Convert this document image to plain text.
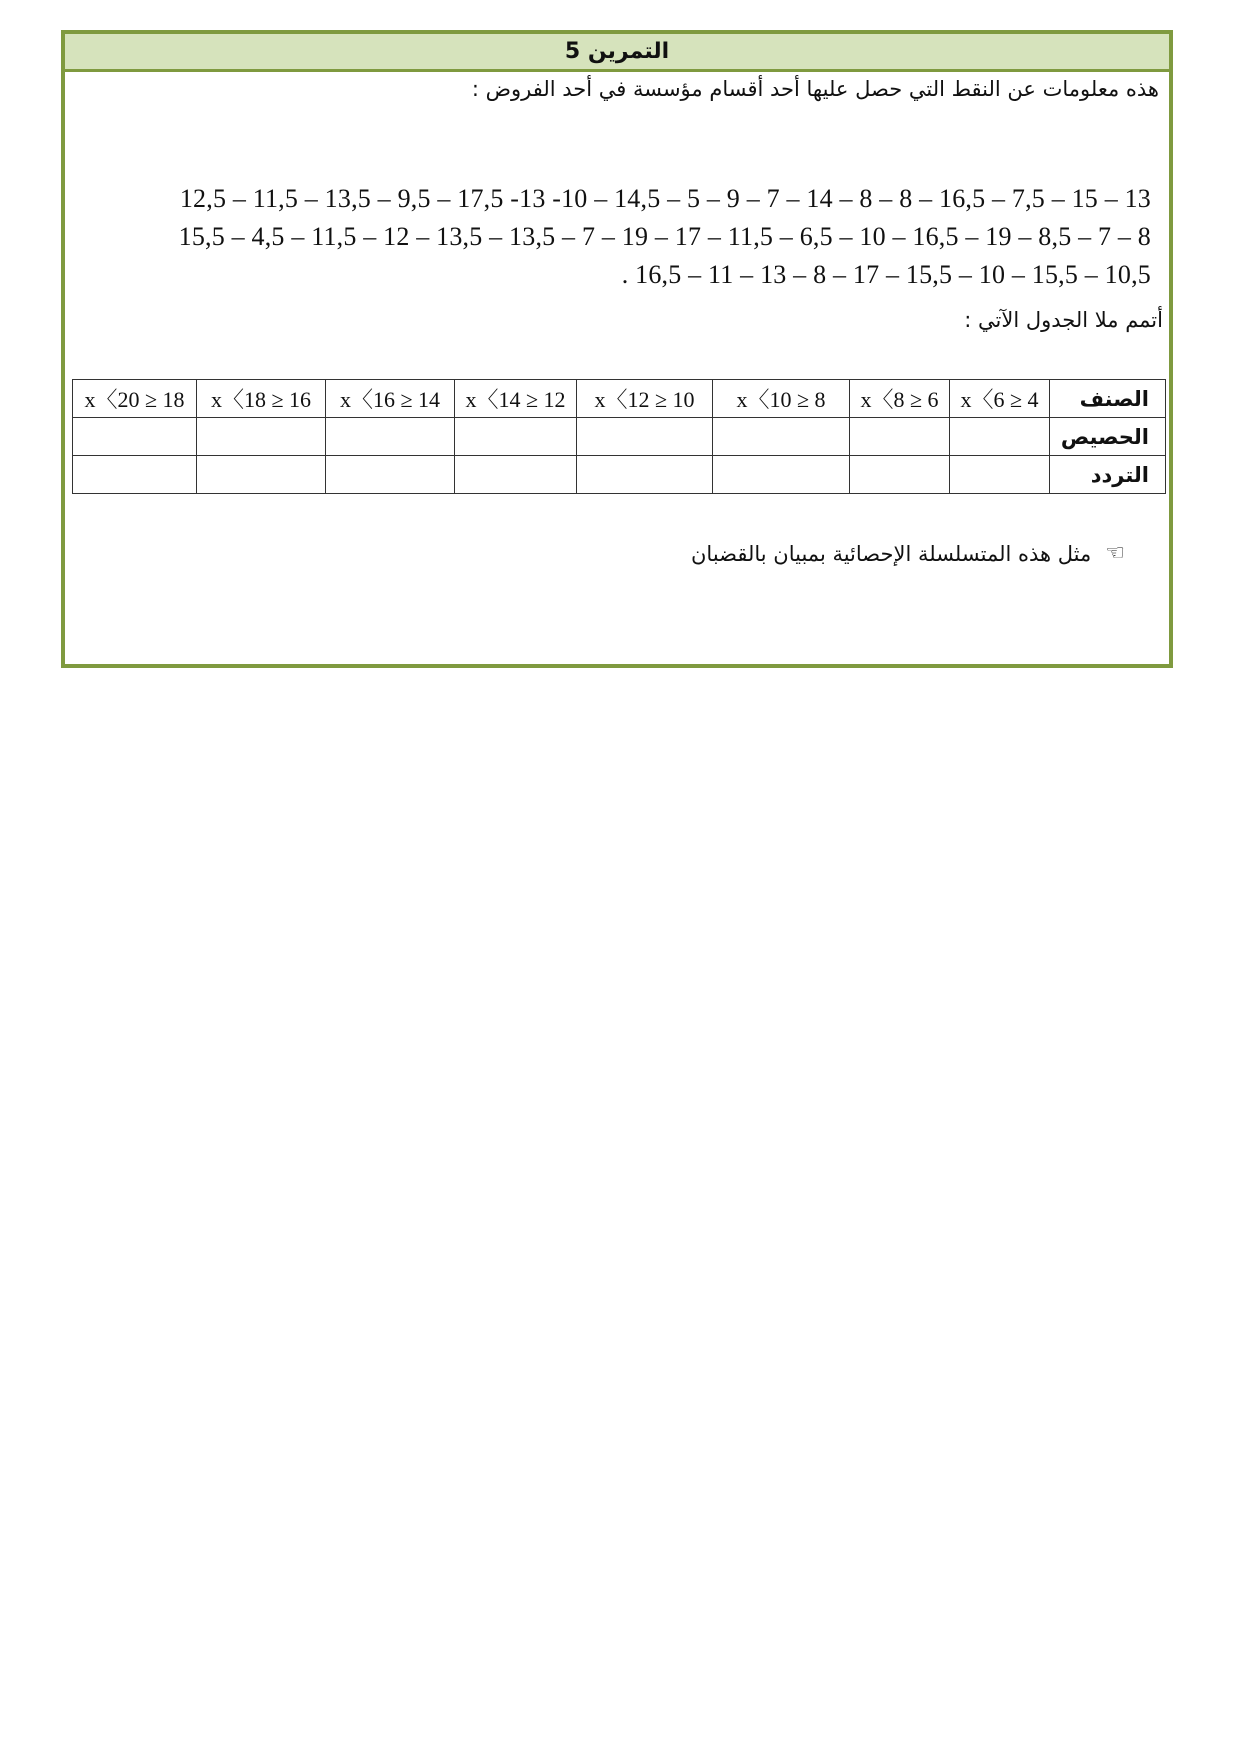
التمرين 5
هذه معلومات عن النقط التي حصل عليها أحد أقسام مؤسسة في أحد الفروض :
12,5 – 11,5 – 13,5 – 9,5 – 17,5 -13 -10 – 14,5 – 5 – 9 – 7 – 14 – 8 – 8 – 16,5 – 7,5 – 15 – 13
15,5 – 4,5 – 11,5 – 12 – 13,5 – 13,5 – 7 – 19 – 17 – 11,5 – 6,5 – 10 – 16,5 – 19 – 8,5 – 7 – 8
. 16,5 – 11 – 13 – 8 – 17 – 15,5 – 10 – 15,5 – 10,5
أتمم ملا الجدول الآتي :
الصنف	4 ≤ x〈6	6 ≤ x〈8	8 ≤ x〈10	10 ≤ x〈12	12 ≤ x〈14	14 ≤ x〈16	16 ≤ x〈18	18 ≤ x〈20
الحصيص								
التردد								
☜
مثل هذه المتسلسلة الإحصائية بمبيان بالقضبان
